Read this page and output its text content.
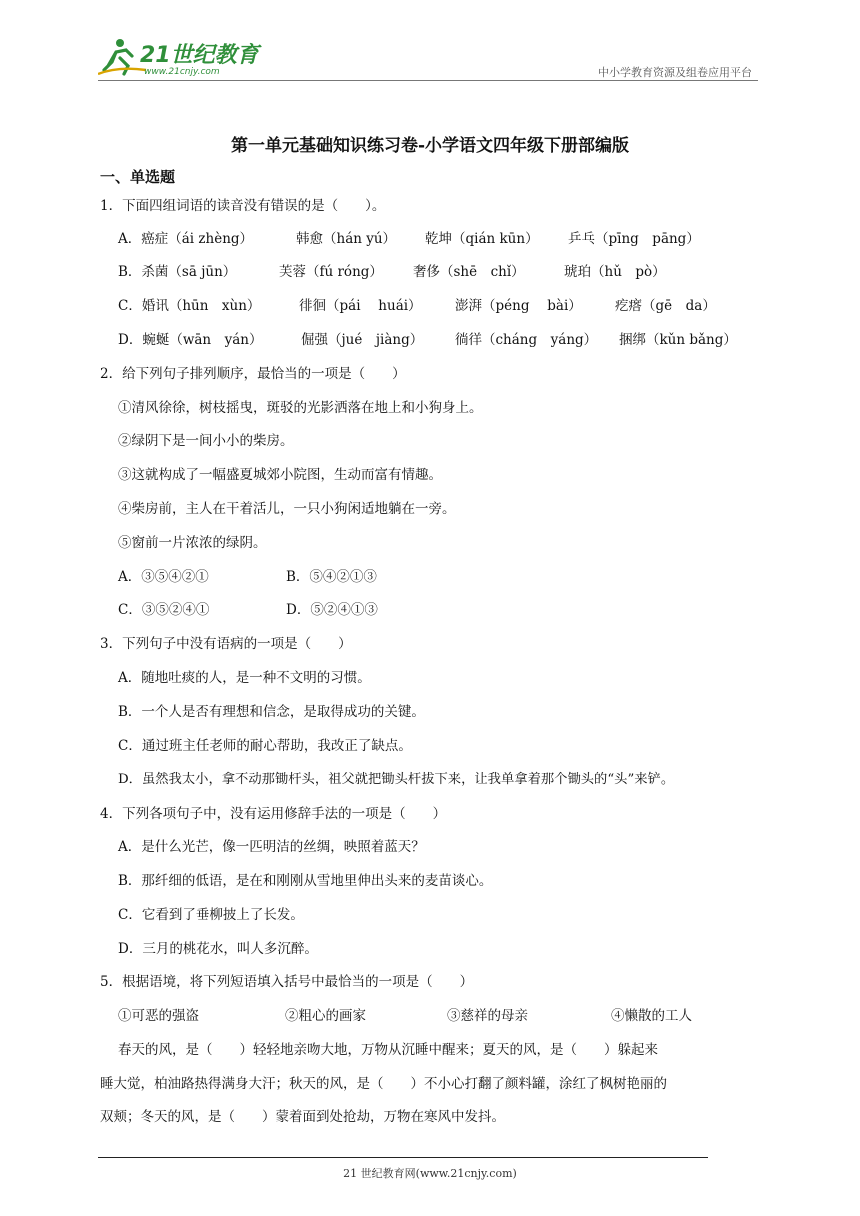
21世纪教育
www.21cnjy.com	中小学教育资源及组卷应用平台
第一单元基础知识练习卷-小学语文四年级下册部编版
一、单选题
1．下面四组词语的读音没有错误的是（　　）。
A．癌症（ái zhèng）	韩愈（hán yú） 乾坤（qián kūn） 乒乓（pīng　pāng）
B．杀菌（sā jūn）	芙蓉（fú róng） 奢侈（shē　chǐ）	琥珀（hǔ　pò）
C．婚讯（hūn　xùn）	徘徊（pái　 huái） 澎湃（péng　 bài） 疙瘩（gē　da）
D．蜿蜒（wān　yán）	倔强（jué　jiàng） 徜徉（cháng　yáng） 捆绑（kǔn bǎng）
2．给下列句子排列顺序，最恰当的一项是（　　）
①清风徐徐，树枝摇曳，斑驳的光影洒落在地上和小狗身上。
②绿阴下是一间小小的柴房。
③这就构成了一幅盛夏城郊小院图，生动而富有情趣。
④柴房前，主人在干着活儿，一只小狗闲适地躺在一旁。
⑤窗前一片浓浓的绿阴。
A．③⑤④②①	B．⑤④②①③
C．③⑤②④①	D．⑤②④①③
3．下列句子中没有语病的一项是（　　）
A．随地吐痰的人，是一种不文明的习惯。
B．一个人是否有理想和信念，是取得成功的关键。
C．通过班主任老师的耐心帮助，我改正了缺点。
D．虽然我太小，拿不动那锄杆头，祖父就把锄头杆拔下来，让我单拿着那个锄头的“头”来铲。
4．下列各项句子中，没有运用修辞手法的一项是（　　）
A．是什么光芒，像一匹明洁的丝绸，映照着蓝天？
B．那纤细的低语，是在和刚刚从雪地里伸出头来的麦苗谈心。
C．它看到了垂柳披上了长发。
D．三月的桃花水，叫人多沉醉。
5．根据语境，将下列短语填入括号中最恰当的一项是（　　）
①可恶的强盗	②粗心的画家	③慈祥的母亲	④懒散的工人
春天的风，是（　　）轻轻地亲吻大地，万物从沉睡中醒来；夏天的风，是（　　）躲起来
睡大觉，柏油路热得满身大汗；秋天的风，是（　　）不小心打翻了颜料罐，涂红了枫树艳丽的
双颊；冬天的风，是（　　）蒙着面到处抢劫，万物在寒风中发抖。
21 世纪教育网(www.21cnjy.com)
